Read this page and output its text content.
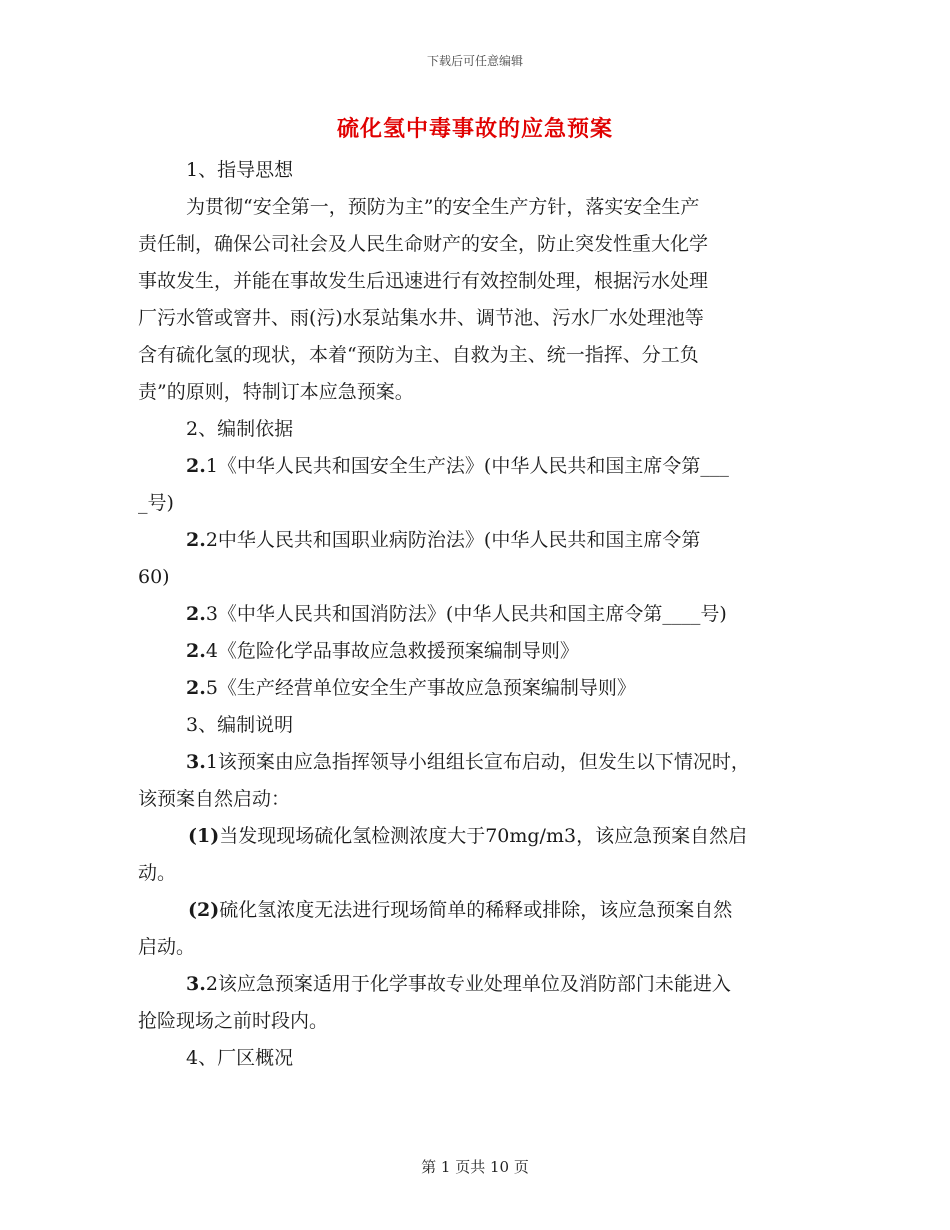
下载后可任意编辑
硫化氢中毒事故的应急预案
1、指导思想
为贯彻“安全第一，预防为主”的安全生产方针，落实安全生产
责任制，确保公司社会及人民生命财产的安全，防止突发性重大化学
事故发生，并能在事故发生后迅速进行有效控制处理，根据污水处理
厂污水管或窨井、雨(污)水泵站集水井、调节池、污水厂水处理池等
含有硫化氢的现状，本着“预防为主、自救为主、统一指挥、分工负
责”的原则，特制订本应急预案。
2、编制依据
2.1《中华人民共和国安全生产法》(中华人民共和国主席令第___
_号)
2.2中华人民共和国职业病防治法》(中华人民共和国主席令第
60)
2.3《中华人民共和国消防法》(中华人民共和国主席令第____号)
2.4《危险化学品事故应急救援预案编制导则》
2.5《生产经营单位安全生产事故应急预案编制导则》
3、编制说明
3.1该预案由应急指挥领导小组组长宣布启动，但发生以下情况时，
该预案自然启动：
(1)当发现现场硫化氢检测浓度大于70mg/m3，该应急预案自然启
动。
(2)硫化氢浓度无法进行现场简单的稀释或排除，该应急预案自然
启动。
3.2该应急预案适用于化学事故专业处理单位及消防部门未能进入
抢险现场之前时段内。
4、厂区概况
第 1 页共 10 页
